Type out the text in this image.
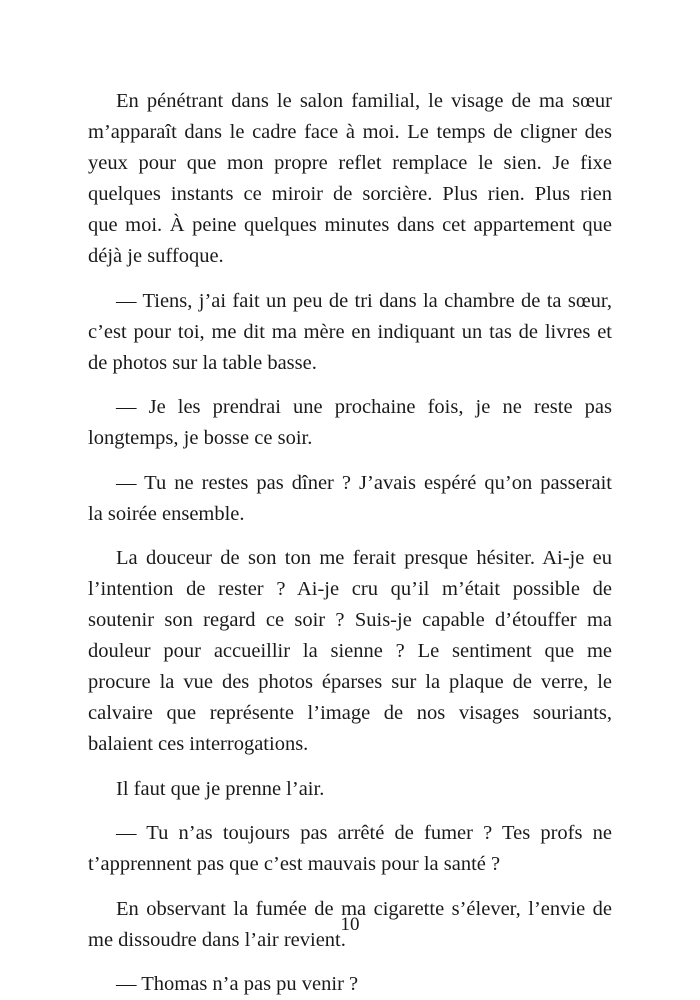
En pénétrant dans le salon familial, le visage de ma sœur
m’apparaît dans le cadre face à moi. Le temps de cligner des
yeux pour que mon propre reflet remplace le sien. Je fixe
quelques instants ce miroir de sorcière. Plus rien. Plus rien
que moi. À peine quelques minutes dans cet appartement que
déjà je suffoque.
— Tiens, j’ai fait un peu de tri dans la chambre de ta sœur,
c’est pour toi, me dit ma mère en indiquant un tas de livres et
de photos sur la table basse.
— Je les prendrai une prochaine fois, je ne reste pas
longtemps, je bosse ce soir.
— Tu ne restes pas dîner ? J’avais espéré qu’on passerait
la soirée ensemble.
La douceur de son ton me ferait presque hésiter. Ai-je eu
l’intention de rester ? Ai-je cru qu’il m’était possible de
soutenir son regard ce soir ? Suis-je capable d’étouffer ma
douleur pour accueillir la sienne ? Le sentiment que me
procure la vue des photos éparses sur la plaque de verre, le
calvaire que représente l’image de nos visages souriants,
balaient ces interrogations.
Il faut que je prenne l’air.
— Tu n’as toujours pas arrêté de fumer ? Tes profs ne
t’apprennent pas que c’est mauvais pour la santé ?
En observant la fumée de ma cigarette s’élever, l’envie de
me dissoudre dans l’air revient.
— Thomas n’a pas pu venir ?
10
